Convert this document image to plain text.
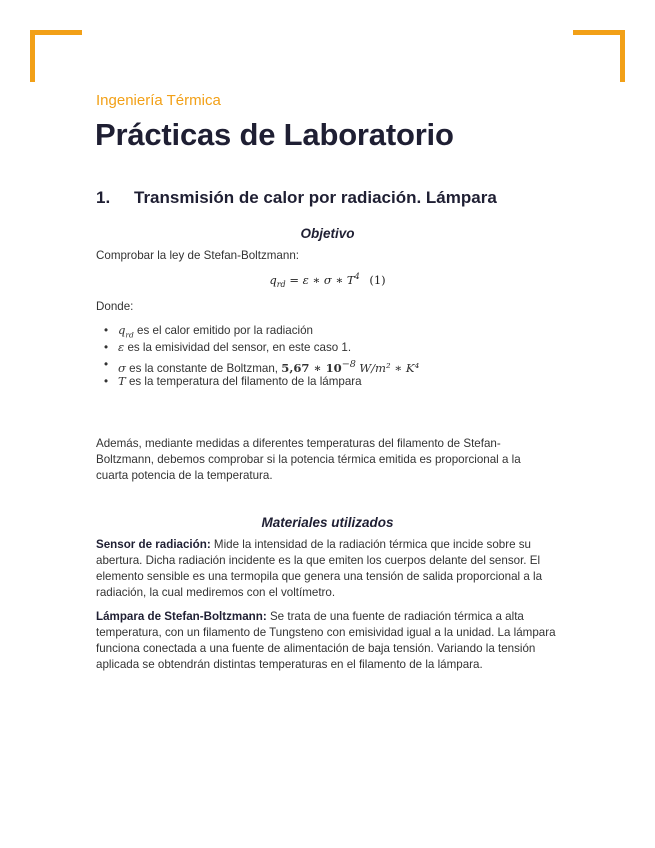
Ingeniería Térmica
Prácticas de Laboratorio
1. Transmisión de calor por radiación. Lámpara
Objetivo

Comprobar la ley de Stefan-Boltzmann:

$q_{rd} = \varepsilon$ ∗ σ ∗ $T^4$ (1)

Donde:

• $q_{rd}$ es el calor emitido por la radiación
• ε es la emisividad del sensor, en este caso 1.
• σ es la constante de Boltzman, 5,67 ∗ $10^{-8}$ W/m² ∗ K⁴
• T es la temperatura del filamento de la lámpara

Además, mediante medidas a diferentes temperaturas del filamento de Stefan-Boltzmann, debemos comprobar si la potencia térmica emitida es proporcional a la cuarta potencia de la temperatura.

Materiales utilizados

Sensor de radiación: Mide la intensidad de la radiación térmica que incide sobre su abertura. Dicha radiación incidente es la que emiten los cuerpos delante del sensor. El elemento sensible es una termopila que genera una tensión de salida proporcional a la radiación, la cual mediremos con el voltímetro.

Lámpara de Stefan-Boltzmann: Se trata de una fuente de radiación térmica a alta temperatura, con un filamento de Tungsteno con emisividad igual a la unidad. La lámpara funciona conectada a una fuente de alimentación de baja tensión. Variando la tensión aplicada se obtendrán distintas temperaturas en el filamento de la lámpara.
